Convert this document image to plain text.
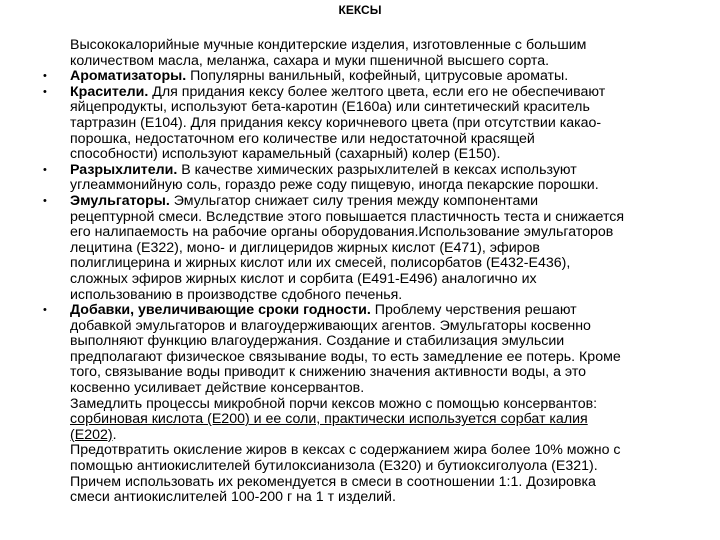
КЕКСЫ

Высококалорийные мучные кондитерские изделия, изготовленные с большим
количеством масла, меланжа, сахара и муки пшеничной высшего сорта.

• Ароматизаторы. Популярны ванильный, кофейный, цитрусовые ароматы.

• Красители. Для придания кексу более желтого цвета, если его не обеспечивают
яйцепродукты, используют бета-каротин (Е160а) или синтетический краситель
тартразин (Е104). Для придания кексу коричневого цвета (при отсутствии какао-
порошка, недостаточном его количестве или недостаточной красящей
способности) используют карамельный (сахарный) колер (Е150).

• Разрыхлители. В качестве химических разрыхлителей в кексах используют
углеаммонийную соль, гораздо реже соду пищевую, иногда пекарские порошки.

• Эмульгаторы. Эмульгатор снижает силу трения между компонентами
рецептурной смеси. Вследствие этого повышается пластичность теста и снижается
его налипаемость на рабочие органы оборудования.Использование эмульгаторов
лецитина (Е322), моно- и диглицеридов жирных кислот (Е471), эфиров
полиглицерина и жирных кислот или их смесей, полисорбатов (Е432-Е436),
сложных эфиров жирных кислот и сорбита (Е491-Е496) аналогично их
использованию в производстве сдобного печенья.

• Добавки, увеличивающие сроки годности. Проблему черствения решают
добавкой эмульгаторов и влагоудерживающих агентов. Эмульгаторы косвенно
выполняют функцию влагоудержания. Создание и стабилизация эмульсии
предполагают физическое связывание воды, то есть замедление ее потерь. Кроме
того, связывание воды приводит к снижению значения активности воды, а это
косвенно усиливает действие консервантов.

Замедлить процессы микробной порчи кексов можно с помощью консервантов:
сорбиновая кислота (Е200) и ее соли, практически используется сорбат калия
(Е202).

Предотвратить окисление жиров в кексах с содержанием жира более 10% можно с
помощью антиокислителей бутилоксианизола (Е320) и бутиоксиголуола (Е321).
Причем использовать их рекомендуется в смеси в соотношении 1:1. Дозировка
смеси антиокислителей 100-200 г на 1 т изделий.
